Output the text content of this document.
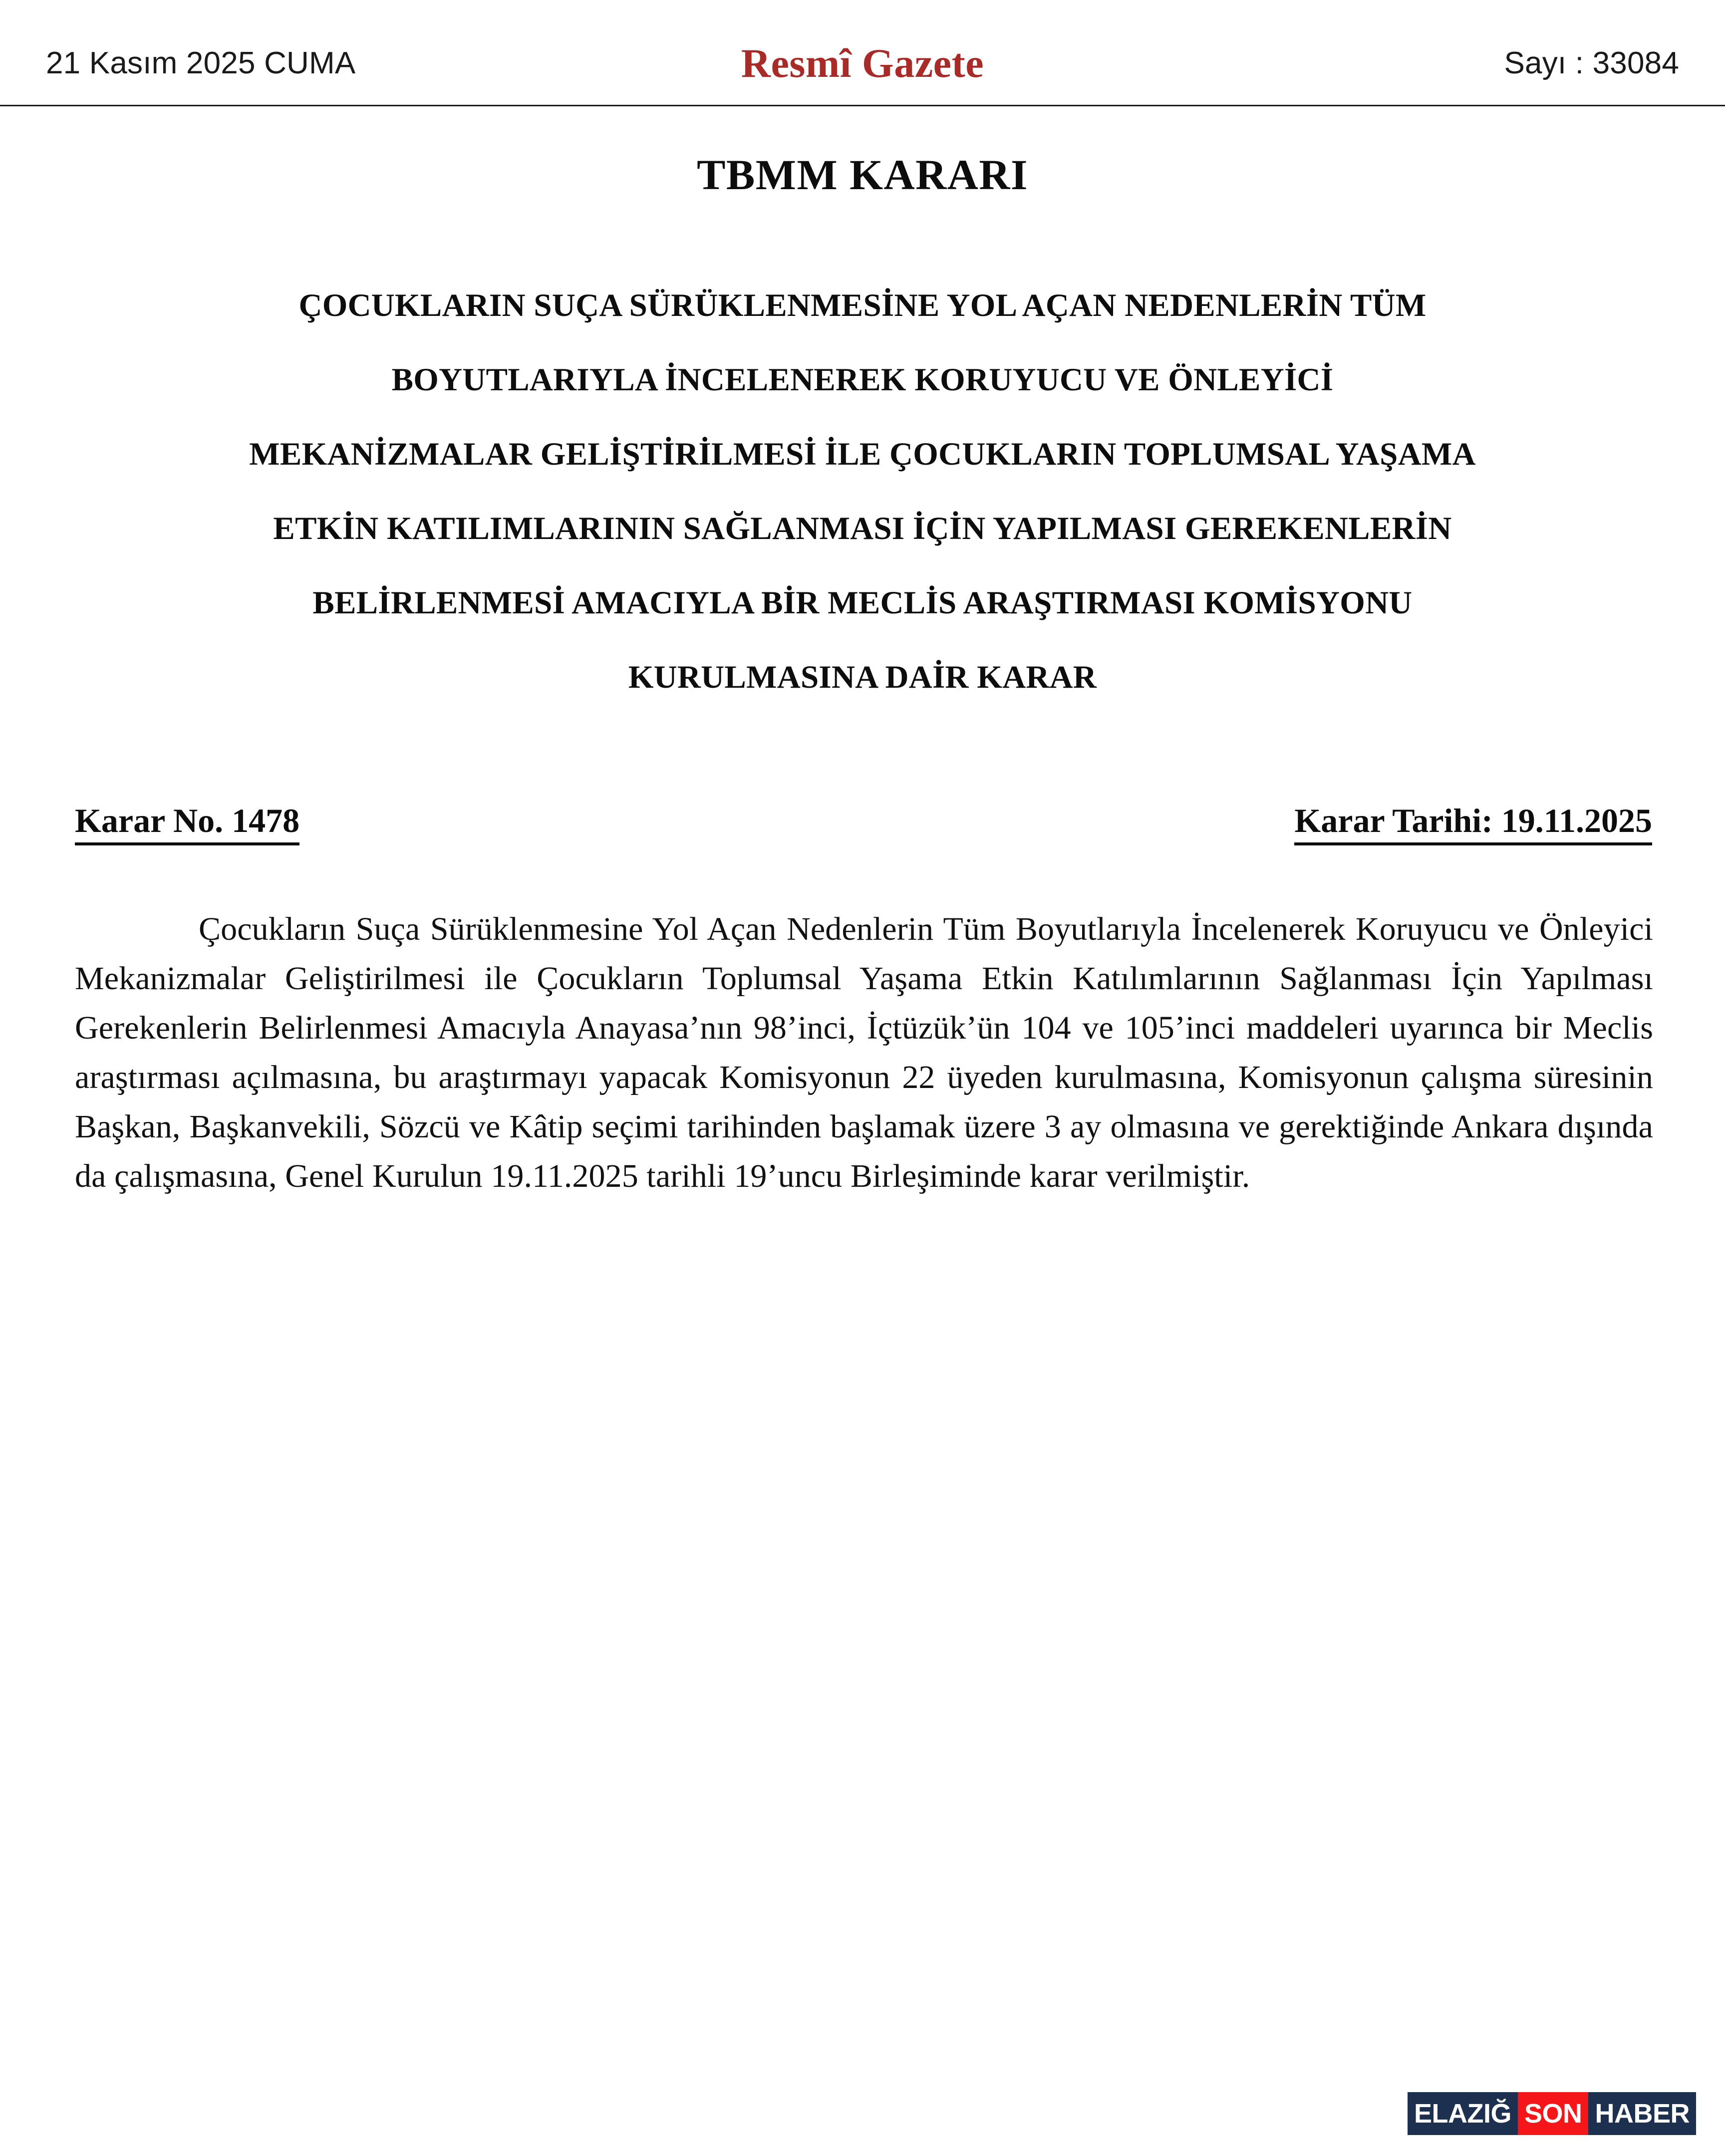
21 Kasım 2025 CUMA	Resmî Gazete	Sayı : 33084
TBMM KARARI
ÇOCUKLARIN SUÇA SÜRÜKLENMESİNE YOL AÇAN NEDENLERİN TÜM
BOYUTLARIYLA İNCELENEREK KORUYUCU VE ÖNLEYİCİ
MEKANİZMALAR GELİŞTİRİLMESİ İLE ÇOCUKLARIN TOPLUMSAL YAŞAMA
ETKİN KATILIMLARININ SAĞLANMASI İÇİN YAPILMASI GEREKENLERİN
BELİRLENMESİ AMACIYLA BİR MECLİS ARAŞTIRMASI KOMİSYONU
KURULMASINA DAİR KARAR
Karar No. 1478	Karar Tarihi: 19.11.2025
Çocukların Suça Sürüklenmesine Yol Açan Nedenlerin Tüm Boyutlarıyla İncelenerek Koruyucu ve Önleyici Mekanizmalar Geliştirilmesi ile Çocukların Toplumsal Yaşama Etkin Katılımlarının Sağlanması İçin Yapılması Gerekenlerin Belirlenmesi Amacıyla Anayasa’nın 98’inci, İçtüzük’ün 104 ve 105’inci maddeleri uyarınca bir Meclis araştırması açılmasına, bu araştırmayı yapacak Komisyonun 22 üyeden kurulmasına, Komisyonun çalışma süresinin Başkan, Başkanvekili, Sözcü ve Kâtip seçimi tarihinden başlamak üzere 3 ay olmasına ve gerektiğinde Ankara dışında da çalışmasına, Genel Kurulun 19.11.2025 tarihli 19’uncu Birleşiminde karar verilmiştir.
ELAZIĞ SON HABER
